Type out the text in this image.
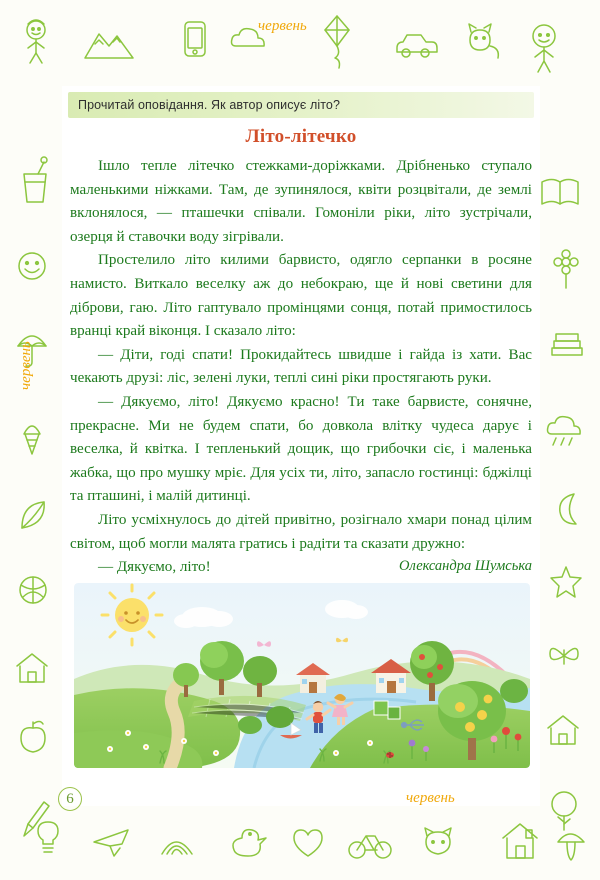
червень
червень
червень
Прочитай оповідання. Як автор описує літо?
Літо-літечко

Ішло тепле літечко стежками-доріжками. Дрібненько ступало маленькими ніжками. Там, де зупинялося, квіти розцвітали, де землі вклонялося, — пташечки співали. Гомоніли ріки, літо зустрічали, озерця й ставочки воду зігрівали.

Простелило літо килими барвисто, одягло серпанки в росяне намисто. Виткало веселку аж до небокраю, ще й нові светини для діброви, гаю. Літо гаптувало промінцями сонця, потай примостилось вранці край віконця. І сказало літо:

— Діти, годі спати! Прокидайтесь швидше і гайда із хати. Вас чекають друзі: ліс, зелені луки, теплі сині ріки простягають руки.

— Дякуємо, літо! Дякуємо красно! Ти таке барвисте, сонячне, прекрасне. Ми не будем спати, бо довкола влітку чудеса дарує і веселка, й квітка. І тепленький дощик, що грибочки сіє, і маленька жабка, що про мушку мріє. Для усіх ти, літо, запасло гостинці: бджілці та пташині, і малій дитинці.

Літо усміхнулось до дітей привітно, розігнало хмари понад цілим світом, щоб могли малята гратись і радіти та сказати дружно:

— Дякуємо, літо!	Олександра Шумська
6
